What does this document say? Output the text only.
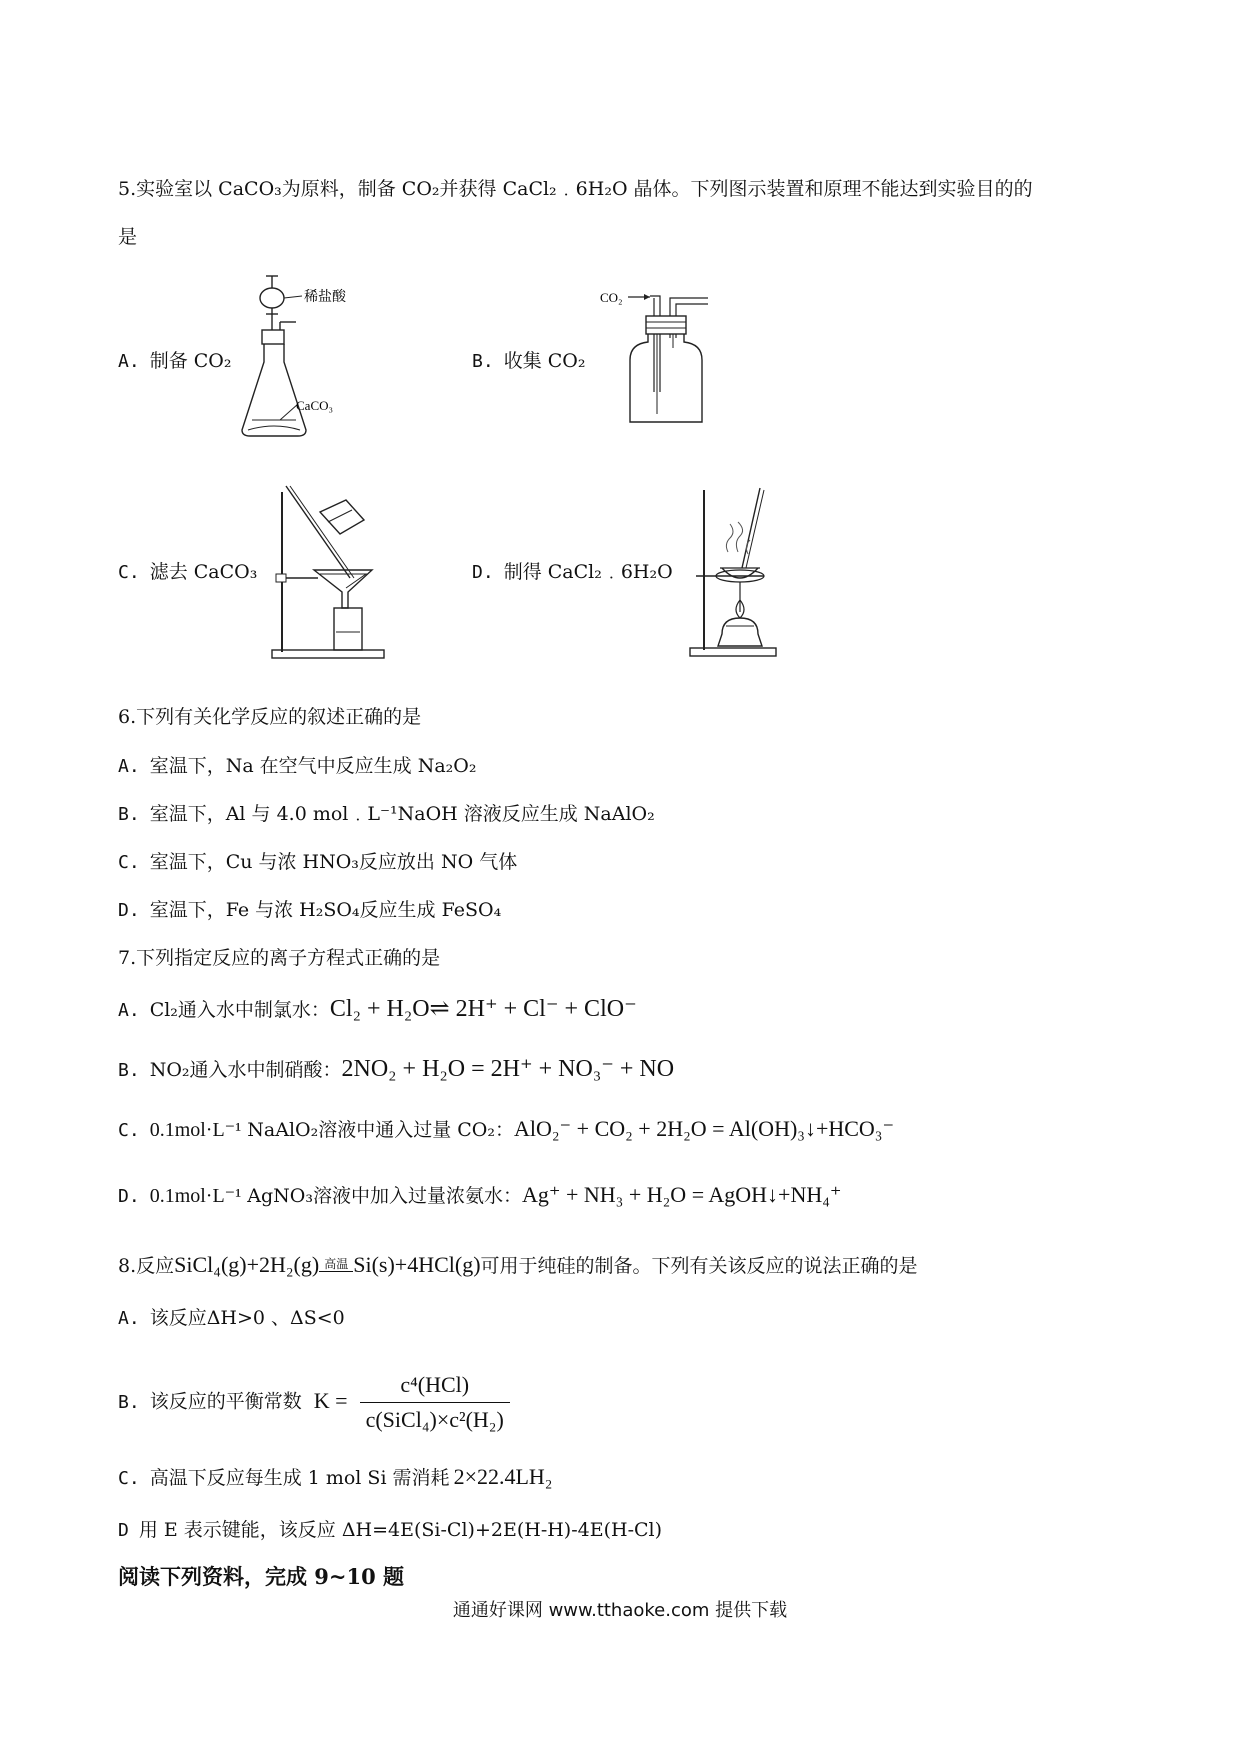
5.实验室以 CaCO₃为原料，制备 CO₂并获得 CaCl₂﹒6H₂O 晶体。下列图示装置和原理不能达到实验目的的
是
A. 制备 CO₂	B. 收集 CO₂
C. 滤去 CaCO₃	D. 制得 CaCl₂﹒6H₂O
稀盐酸
CaCO₃
CO₂
6.下列有关化学反应的叙述正确的是
A. 室温下，Na 在空气中反应生成 Na₂O₂
B. 室温下，Al 与 4.0 mol﹒L⁻¹NaOH 溶液反应生成 NaAlO₂
C. 室温下，Cu 与浓 HNO₃反应放出 NO 气体
D. 室温下，Fe 与浓 H₂SO₄反应生成 FeSO₄
7.下列指定反应的离子方程式正确的是
A. Cl₂通入水中制氯水：Cl₂ + H₂O⇌ 2H⁺ + Cl⁻ + ClO⁻
B. NO₂通入水中制硝酸：2NO₂ + H₂O = 2H⁺ + NO₃⁻ + NO
C. 0.1mol·L⁻¹ NaAlO₂溶液中通入过量 CO₂：AlO₂⁻ + CO₂ + 2H₂O = Al(OH)₃↓+HCO₃⁻
D. 0.1mol·L⁻¹ AgNO₃溶液中加入过量浓氨水：Ag⁺ + NH₃ + H₂O = AgOH↓+NH₄⁺
8.反应SiCl₄(g)+2H₂(g) 高温 Si(s)+4HCl(g)可用于纯硅的制备。下列有关该反应的说法正确的是
A. 该反应ΔH>0 、ΔS<0
B. 该反应的平衡常数 $K = \frac{\text{c⁴(HCl)}}{\text{c(SiCl₄)×c²(H₂)}}$
C. 高温下反应每生成 1 mol Si 需消耗 2×22.4LH₂
D 用 E 表示键能，该反应 ΔH=4E(Si-Cl)+2E(H-H)-4E(H-Cl)
阅读下列资料，完成 9~10 题
通通好课网 www.tthaoke.com 提供下载
